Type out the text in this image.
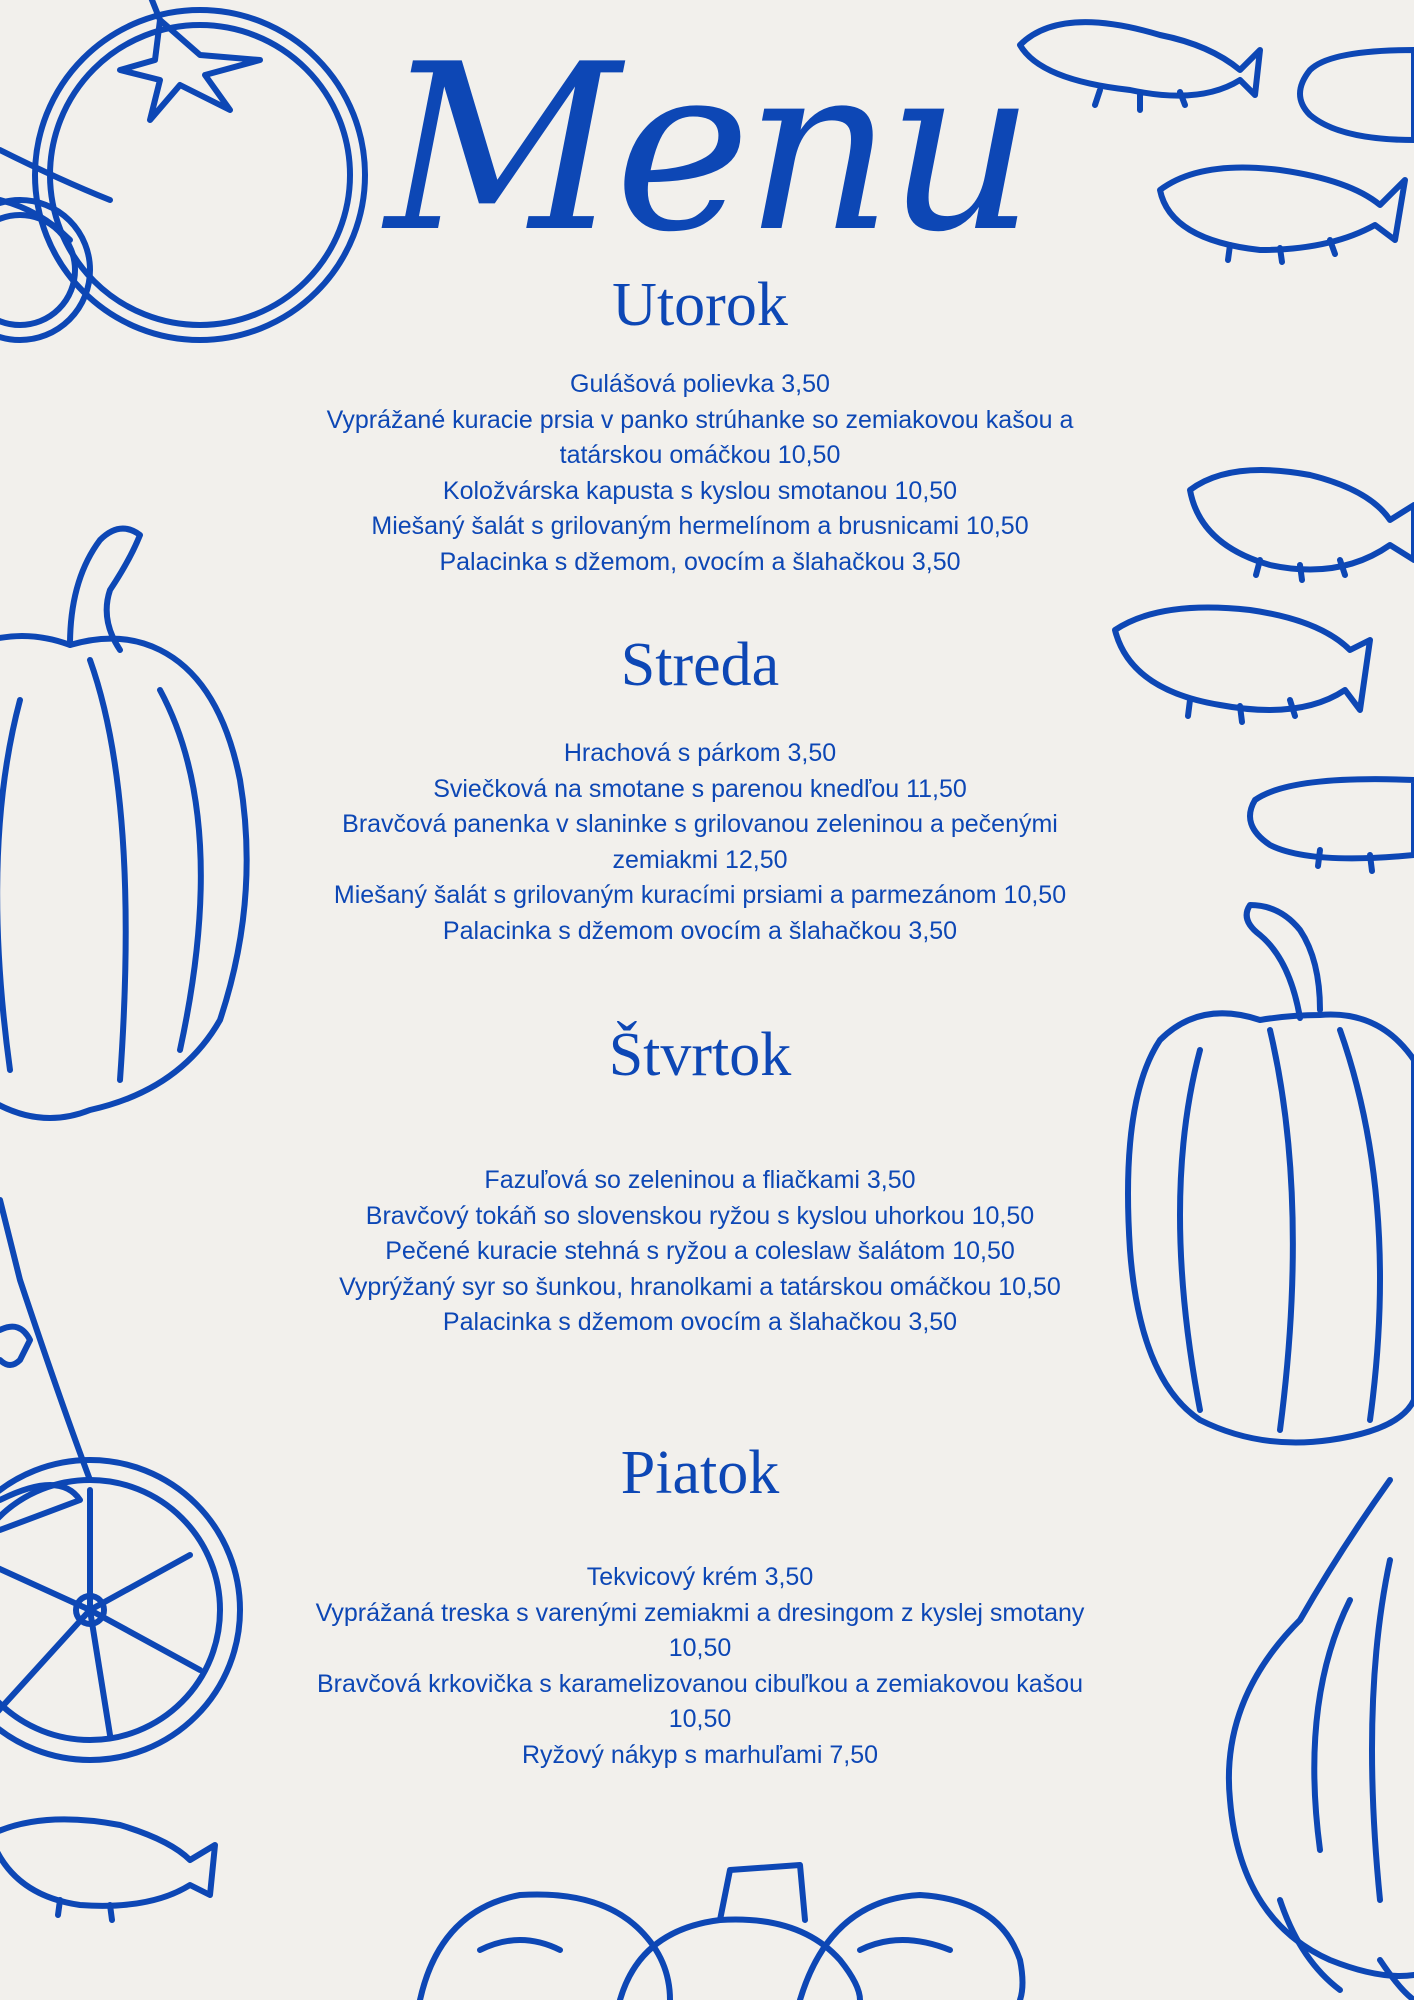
Menu
Utorok
Gulášová polievka 3,50
Vyprážané kuracie prsia v panko strúhanke so zemiakovou kašou a tatárskou omáčkou 10,50
Koložvárska kapusta s kyslou smotanou 10,50
Miešaný šalát s grilovaným hermelínom a brusnicami 10,50
Palacinka s džemom, ovocím a šlahačkou 3,50
Streda
Hrachová s párkom 3,50
Sviečková na smotane s parenou knedľou 11,50
Bravčová panenka v slaninke s grilovanou zeleninou a pečenými zemiakmi 12,50
Miešaný šalát s grilovaným kuracími prsiami a parmezánom 10,50
Palacinka s džemom ovocím a šlahačkou 3,50
Štvrtok
Fazuľová so zeleninou a fliačkami 3,50
Bravčový tokáň so slovenskou ryžou s kyslou uhorkou 10,50
Pečené kuracie stehná s ryžou a coleslaw šalátom 10,50
Vyprýžaný syr so šunkou, hranolkami a tatárskou omáčkou 10,50
Palacinka s džemom ovocím a šlahačkou 3,50
Piatok
Tekvicový krém 3,50
Vyprážaná treska s varenými zemiakmi a dresingom z kyslej smotany 10,50
Bravčová krkovička s karamelizovanou cibuľkou a zemiakovou kašou 10,50
Ryžový nákyp s marhuľami 7,50
